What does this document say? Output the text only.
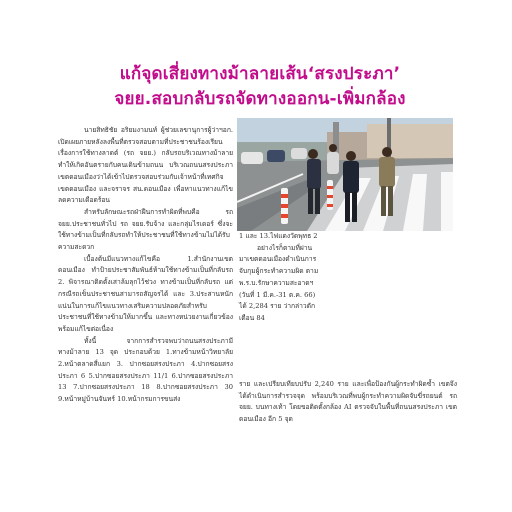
แก้จุดเสี่ยงทางม้าลายเส้น‘สรงประภา’
จยย.สอบกลับรถจัดทางออกน-เพิ่มกล้อง

นายสิทธิชัย อริยมงามนท์ ผู้ช่วยเลขานุการผู้ว่าฯอก. เปิดเผยภายหลังลงพื้นที่ตรวจสอบตามที่ประชาชนร้องเรียนเรื่องการใช้ทางลาดต์ (รถ จยย.) กลับรถบริเวณทางม้าลาย ทำให้เกิดอันตรายกับคนเดินข้ามถนน บริเวณถนนสรงประภา เขตดอนเมืองว่าได้เข้าไปตรวจสอบร่วมกับเจ้าหน้าที่เทศกิจเขตดอนเมือง และจราจร สน.ดอนเมือง เพื่อหาแนวทางแก้ไขลดความเดือดร้อน

สำหรับลักษณะรถฝ่าฝืนการทำผิดที่พบคือ รถ จยย.ประชาชนทั่วไป รถ จยย.รับจ้าง และกลุ่มไรเดอร์ ซึ่งจะใช้ทางข้ามเป็นที่กลับรถทำให้ประชาชนที่ใช้ทางข้ามไม่ได้รับความสะดวก

เบื้องต้นมีแนวทางแก้ไขคือ 1.สำนักงานเขตดอนเมือง ทำป้ายประชาสัมพันธ์ห้ามใช้ทางข้ามเป็นที่กลับรถ 2. พิจารณาติดตั้งเสาล้มลุกไว้ช่วง ทางข้ามเป็นที่กลับรถ แต่กรณีรถเข็นประชาชนสามารถสัญจรได้ และ 3.ประสานหนักแน่นในการแก้ไขแนวทางเสริมความปลอดภัยสำหรับประชาชนที่ใช้ทางข้ามให้มากขึ้น และทางหน่วยงานเกี่ยวข้องพร้อมแก้ไขต่อเนื่อง

ทั้งนี้ จากการสำรวจพบว่าถนนสรงประภามีทางม้าลาย 13 จุด ประกอบด้วย 1.ทางข้ามหน้าวิทยาลัย 2.หน้าตลาดสี่แยก 3. ปากซอยสรงประภา 4.ปากซอยสรงประภา 6 5.ปากซอยสรงประภา 11/1 6.ปากซอยสรงประภา 13 7.ปากซอยสรงประภา 18 8.ปากซอยสรงประภา 30 9.หน้าหมู่บ้านจันทร์ 10.หน้ากรมการขนส่ง

1 และ 13.ไฟแดงวัดพุทธ 2

อย่างไรก็ตามที่ผ่านมาเขตดอนเมืองดำเนินการจับกุมผู้กระทำความผิด ตาม พ.ร.บ.รักษาความสะอาดฯ (วันที่ 1 มี.ค.-31 ต.ค. 66) ได้ 2,284 ราย ว่ากล่าวตักเตือน 84

ราย และเปรียบเทียบปรับ 2,240 ราย และเพื่อป้องกันผู้กระทำผิดซ้ำ เขตจึงได้ดำเนินการสำรวจจุด พร้อมบริเวณที่พบผู้กระทำความผิดจับขี่รถยนต์ รถ จยย. บนทางเท้า โดยขอติดตั้งกล้อง AI ตรวจจับในพื้นที่ถนนสรงประภา เขตดอนเมือง อีก 5 จุด
